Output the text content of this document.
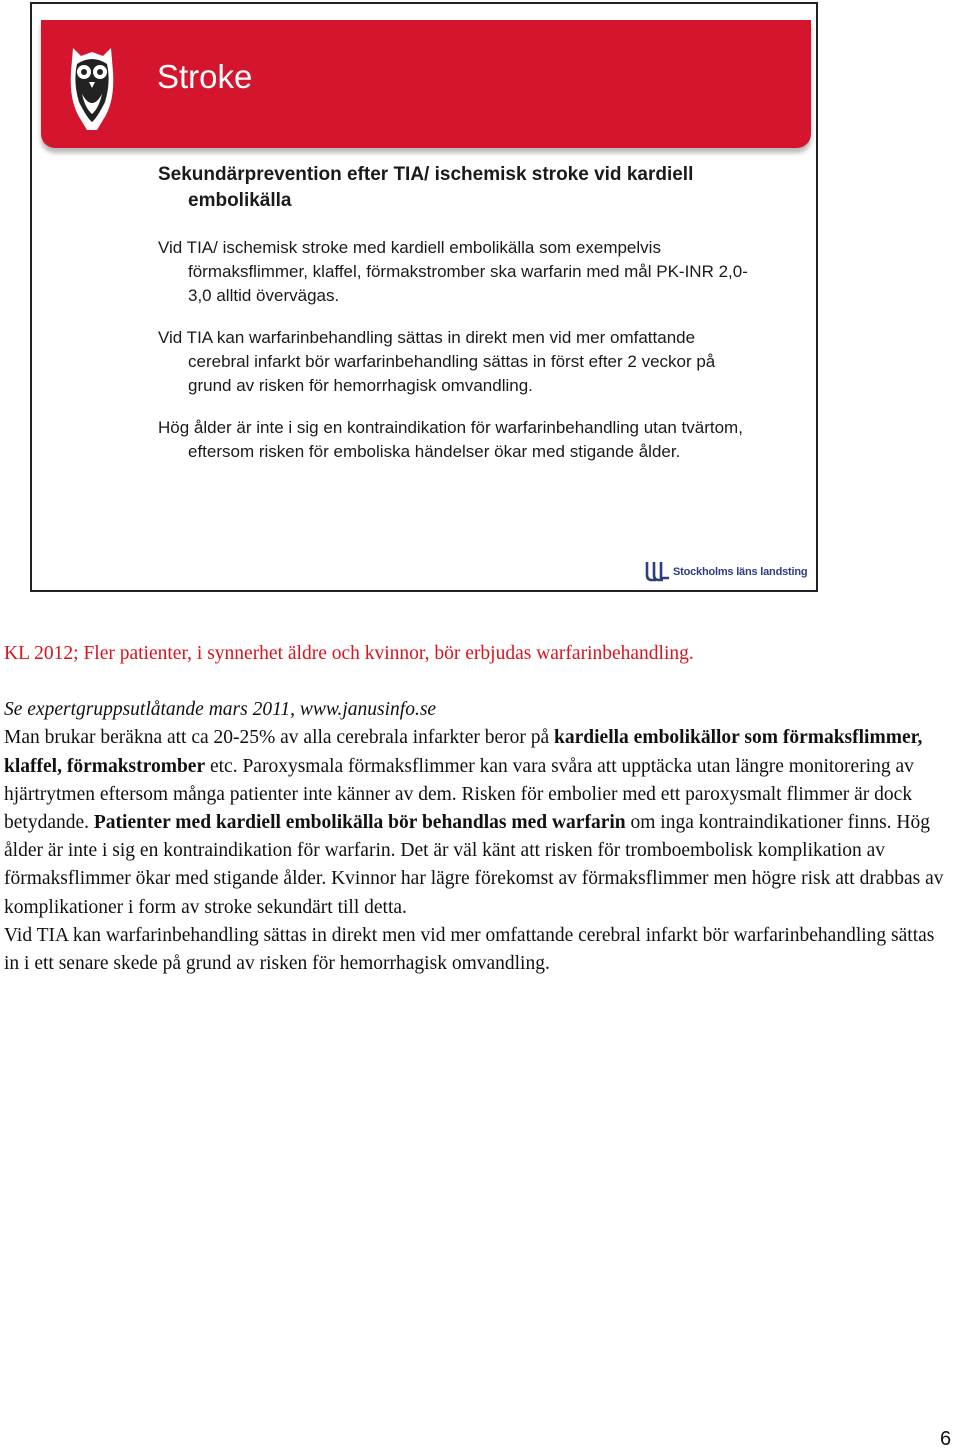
Stroke
Sekundärprevention efter TIA/ ischemisk stroke vid kardiell embolikälla
Vid TIA/ ischemisk stroke med kardiell embolikälla som exempelvis förmaksflimmer, klaffel, förmakstromber ska warfarin med mål PK-INR 2,0-3,0 alltid övervägas.
Vid TIA kan warfarinbehandling sättas in direkt men vid mer omfattande cerebral infarkt bör warfarinbehandling sättas in först efter 2 veckor på grund av risken för hemorrhagisk omvandling.
Hög ålder är inte i sig en kontraindikation för warfarinbehandling utan tvärtom, eftersom risken för emboliska händelser ökar med stigande ålder.
Stockholms läns landsting

KL 2012; Fler patienter, i synnerhet äldre och kvinnor, bör erbjudas warfarinbehandling.

Se expertgruppsutlåtande mars 2011, www.janusinfo.se

Man brukar beräkna att ca 20-25% av alla cerebrala infarkter beror på kardiella embolikällor som förmaksflimmer, klaffel, förmakstromber etc. Paroxysmala förmaksflimmer kan vara svåra att upptäcka utan längre monitorering av hjärtrytmen eftersom många patienter inte känner av dem. Risken för embolier med ett paroxysmalt flimmer är dock betydande. Patienter med kardiell embolikälla bör behandlas med warfarin om inga kontraindikationer finns. Hög ålder är inte i sig en kontraindikation för warfarin. Det är väl känt att risken för tromboembolisk komplikation av förmaksflimmer ökar med stigande ålder. Kvinnor har lägre förekomst av förmaksflimmer men högre risk att drabbas av komplikationer i form av stroke sekundärt till detta.

Vid TIA kan warfarinbehandling sättas in direkt men vid mer omfattande cerebral infarkt bör warfarinbehandling sättas in i ett senare skede på grund av risken för hemorrhagisk omvandling.

6
